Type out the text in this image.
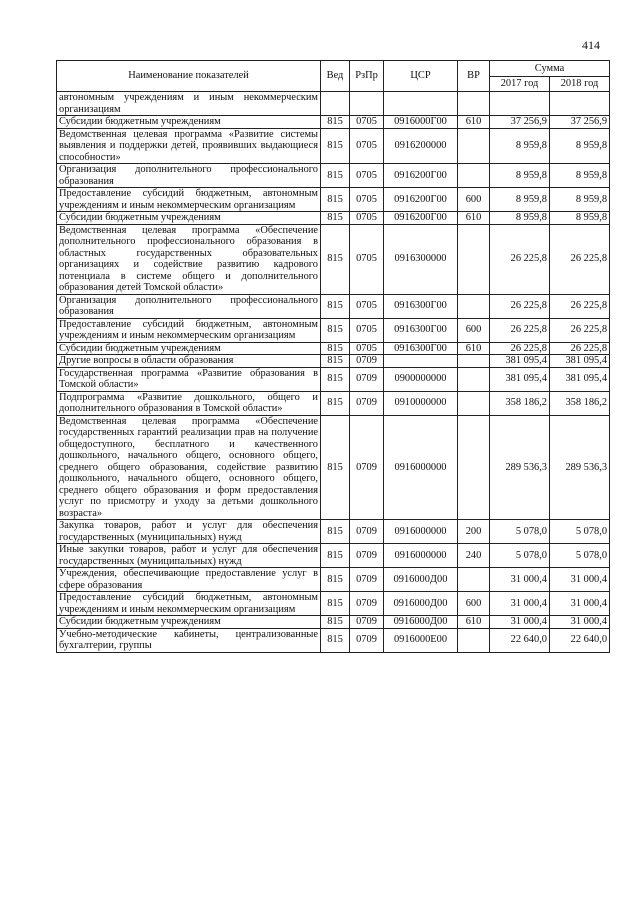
414
Наименование показателей	Вед	РзПр	ЦСР	ВР	Сумма	
					2017 год	2018 год
автономным учреждениям и иным некоммерческим организациям						
Субсидии бюджетным учреждениям	815	0705	0916000Г00	610	37 256,9	37 256,9
Ведомственная целевая программа «Развитие системы выявления и поддержки детей, проявивших выдающиеся способности»	815	0705	0916200000		8 959,8	8 959,8
Организация дополнительного профессионального образования	815	0705	0916200Г00		8 959,8	8 959,8
Предоставление субсидий бюджетным, автономным учреждениям и иным некоммерческим организациям	815	0705	0916200Г00	600	8 959,8	8 959,8
Субсидии бюджетным учреждениям	815	0705	0916200Г00	610	8 959,8	8 959,8
Ведомственная целевая программа «Обеспечение дополнительного профессионального образования в областных государственных образовательных организациях и содействие развитию кадрового потенциала в системе общего и дополнительного образования детей Томской области»	815	0705	0916300000		26 225,8	26 225,8
Организация дополнительного профессионального образования	815	0705	0916300Г00		26 225,8	26 225,8
Предоставление субсидий бюджетным, автономным учреждениям и иным некоммерческим организациям	815	0705	0916300Г00	600	26 225,8	26 225,8
Субсидии бюджетным учреждениям	815	0705	0916300Г00	610	26 225,8	26 225,8
Другие вопросы в области образования	815	0709			381 095,4	381 095,4
Государственная программа «Развитие образования в Томской области»	815	0709	0900000000		381 095,4	381 095,4
Подпрограмма «Развитие дошкольного, общего и дополнительного образования в Томской области»	815	0709	0910000000		358 186,2	358 186,2
Ведомственная целевая программа «Обеспечение государственных гарантий реализации прав на получение общедоступного, бесплатного и качественного дошкольного, начального общего, основного общего, среднего общего образования, содействие развитию дошкольного, начального общего, основного общего, среднего общего образования и форм предоставления услуг по присмотру и уходу за детьми дошкольного возраста»	815	0709	0916000000		289 536,3	289 536,3
Закупка товаров, работ и услуг для обеспечения государственных (муниципальных) нужд	815	0709	0916000000	200	5 078,0	5 078,0
Иные закупки товаров, работ и услуг для обеспечения государственных (муниципальных) нужд	815	0709	0916000000	240	5 078,0	5 078,0
Учреждения, обеспечивающие предоставление услуг в сфере образования	815	0709	0916000Д00		31 000,4	31 000,4
Предоставление субсидий бюджетным, автономным учреждениям и иным некоммерческим организациям	815	0709	0916000Д00	600	31 000,4	31 000,4
Субсидии бюджетным учреждениям	815	0709	0916000Д00	610	31 000,4	31 000,4
Учебно-методические кабинеты, централизованные бухгалтерии, группы	815	0709	0916000Е00		22 640,0	22 640,0
